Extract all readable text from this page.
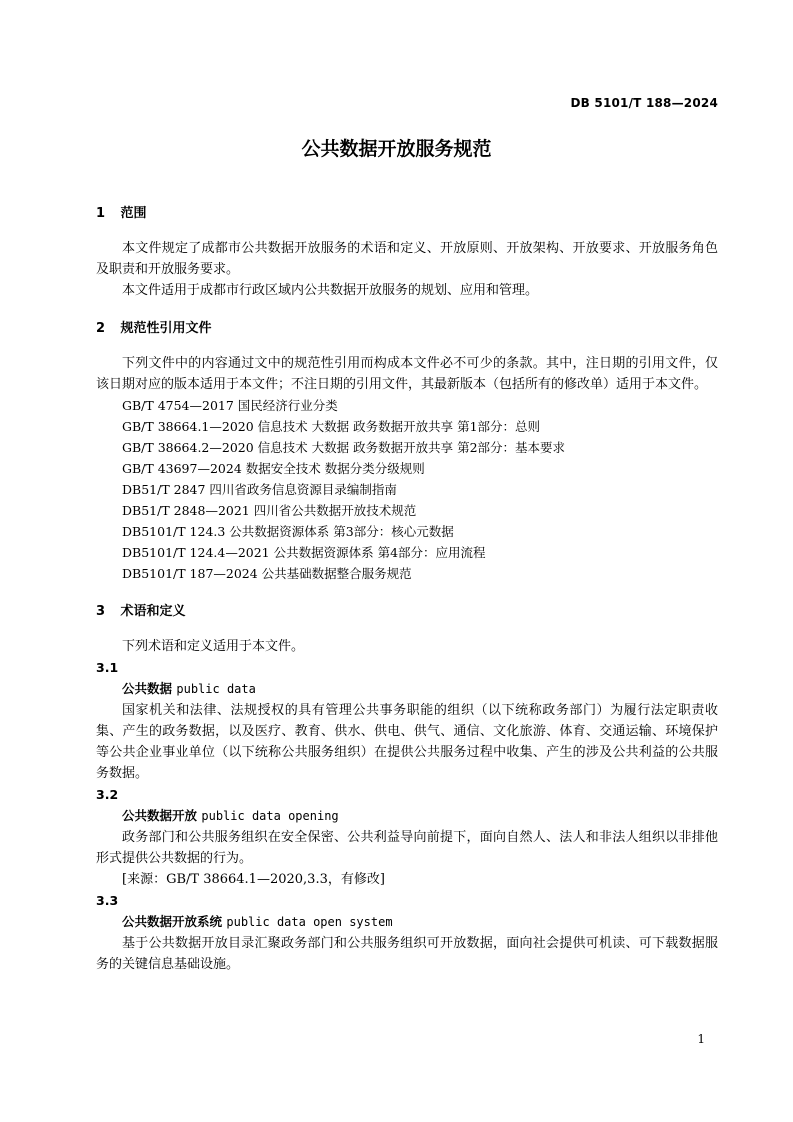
DB 5101/T 188—2024
公共数据开放服务规范
1 范围

本文件规定了成都市公共数据开放服务的术语和定义、开放原则、开放架构、开放要求、开放服务角色及职责和开放服务要求。

本文件适用于成都市行政区域内公共数据开放服务的规划、应用和管理。

2 规范性引用文件

下列文件中的内容通过文中的规范性引用而构成本文件必不可少的条款。其中，注日期的引用文件，仅该日期对应的版本适用于本文件；不注日期的引用文件，其最新版本（包括所有的修改单）适用于本文件。

GB/T 4754—2017 国民经济行业分类

GB/T 38664.1—2020 信息技术 大数据 政务数据开放共享 第1部分：总则

GB/T 38664.2—2020 信息技术 大数据 政务数据开放共享 第2部分：基本要求

GB/T 43697—2024 数据安全技术 数据分类分级规则

DB51/T 2847 四川省政务信息资源目录编制指南

DB51/T 2848—2021 四川省公共数据开放技术规范

DB5101/T 124.3 公共数据资源体系 第3部分：核心元数据

DB5101/T 124.4—2021 公共数据资源体系 第4部分：应用流程

DB5101/T 187—2024 公共基础数据整合服务规范

3 术语和定义

下列术语和定义适用于本文件。

3.1

公共数据 public data

国家机关和法律、法规授权的具有管理公共事务职能的组织（以下统称政务部门）为履行法定职责收集、产生的政务数据，以及医疗、教育、供水、供电、供气、通信、文化旅游、体育、交通运输、环境保护等公共企业事业单位（以下统称公共服务组织）在提供公共服务过程中收集、产生的涉及公共利益的公共服务数据。

3.2

公共数据开放 public data opening

政务部门和公共服务组织在安全保密、公共利益导向前提下，面向自然人、法人和非法人组织以非排他形式提供公共数据的行为。

[来源：GB/T 38664.1—2020,3.3，有修改]

3.3

公共数据开放系统 public data open system

基于公共数据开放目录汇聚政务部门和公共服务组织可开放数据，面向社会提供可机读、可下载数据服务的关键信息基础设施。

1
